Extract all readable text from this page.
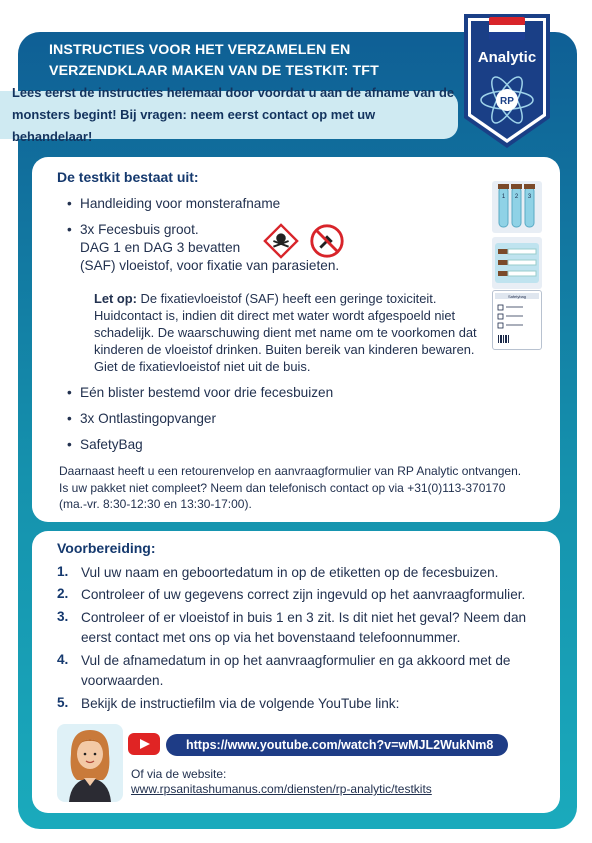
INSTRUCTIES VOOR HET VERZAMELEN EN
VERZENDKLAAR MAKEN VAN DE TESTKIT: TFT
Lees eerst de instructies helemaal door voordat u aan de afname van de
monsters begint! Bij vragen: neem eerst contact op met uw behandelaar!
Analytic
RP
De testkit bestaat uit:
• Handleiding voor monsterafname
• 3x Fecesbuis groot.
DAG 1 en DAG 3 bevatten
(SAF) vloeistof, voor fixatie van parasieten.
Let op: De fixatievloeistof (SAF) heeft een geringe toxiciteit. Huidcontact is, indien dit direct met water wordt afgespoeld niet schadelijk. De waarschuwing dient met name om te voorkomen dat kinderen de vloeistof drinken. Buiten bereik van kinderen bewaren. Giet de fixatievloeistof niet uit de buis.
• Eén blister bestemd voor drie fecesbuizen
• 3x Ontlastingopvanger
• SafetyBag
1 2 3
Safetybag
Daarnaast heeft u een retourenvelop en aanvraagformulier van RP Analytic ontvangen.
Is uw pakket niet compleet? Neem dan telefonisch contact op via +31(0)113-370170
(ma.-vr. 8:30-12:30 en 13:30-17:00).
Voorbereiding:
1. Vul uw naam en geboortedatum in op de etiketten op de fecesbuizen.
2. Controleer of uw gegevens correct zijn ingevuld op het aanvraagformulier.
3. Controleer of er vloeistof in buis 1 en 3 zit. Is dit niet het geval? Neem dan
eerst contact met ons op via het bovenstaand telefoonnummer.
4. Vul de afnamedatum in op het aanvraagformulier en ga akkoord met de
voorwaarden.
5. Bekijk de instructiefilm via de volgende YouTube link:
https://www.youtube.com/watch?v=wMJL2WukNm8
Of via de website:
www.rpsanitashumanus.com/diensten/rp-analytic/testkits
